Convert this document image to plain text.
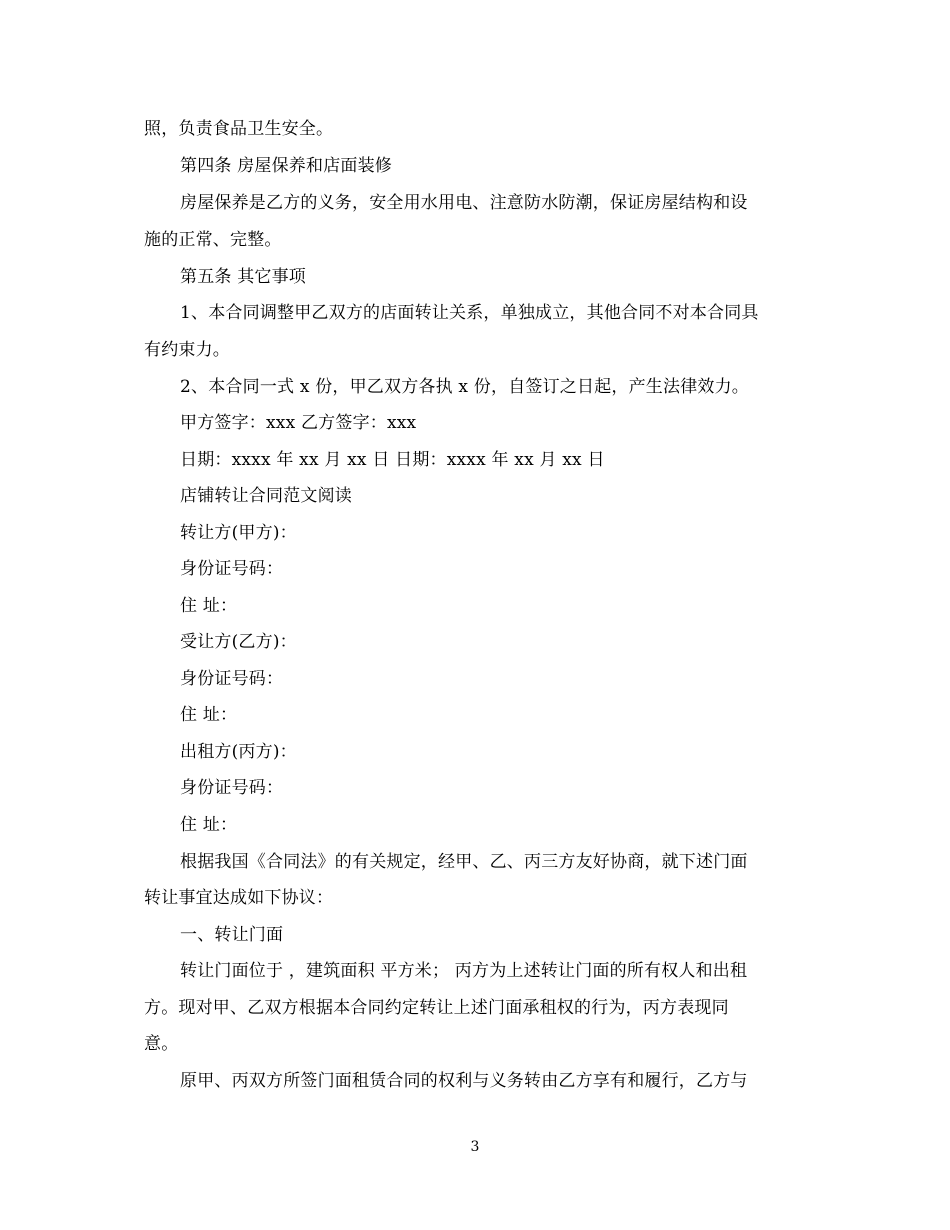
照，负责食品卫生安全。
第四条 房屋保养和店面装修
房屋保养是乙方的义务，安全用水用电、注意防水防潮，保证房屋结构和设
施的正常、完整。
第五条 其它事项
1、本合同调整甲乙双方的店面转让关系，单独成立，其他合同不对本合同具
有约束力。
2、本合同一式 x 份，甲乙双方各执 x 份，自签订之日起，产生法律效力。
甲方签字：xxx 乙方签字：xxx
日期：xxxx 年 xx 月 xx 日 日期：xxxx 年 xx 月 xx 日
店铺转让合同范文阅读
转让方(甲方)：
身份证号码：
住 址：
受让方(乙方)：
身份证号码：
住 址：
出租方(丙方)：
身份证号码：
住 址：
根据我国《合同法》的有关规定，经甲、乙、丙三方友好协商，就下述门面
转让事宜达成如下协议：
一、转让门面
转让门面位于 ，建筑面积 平方米； 丙方为上述转让门面的所有权人和出租
方。现对甲、乙双方根据本合同约定转让上述门面承租权的行为，丙方表现同
意。
原甲、丙双方所签门面租赁合同的权利与义务转由乙方享有和履行，乙方与
3
